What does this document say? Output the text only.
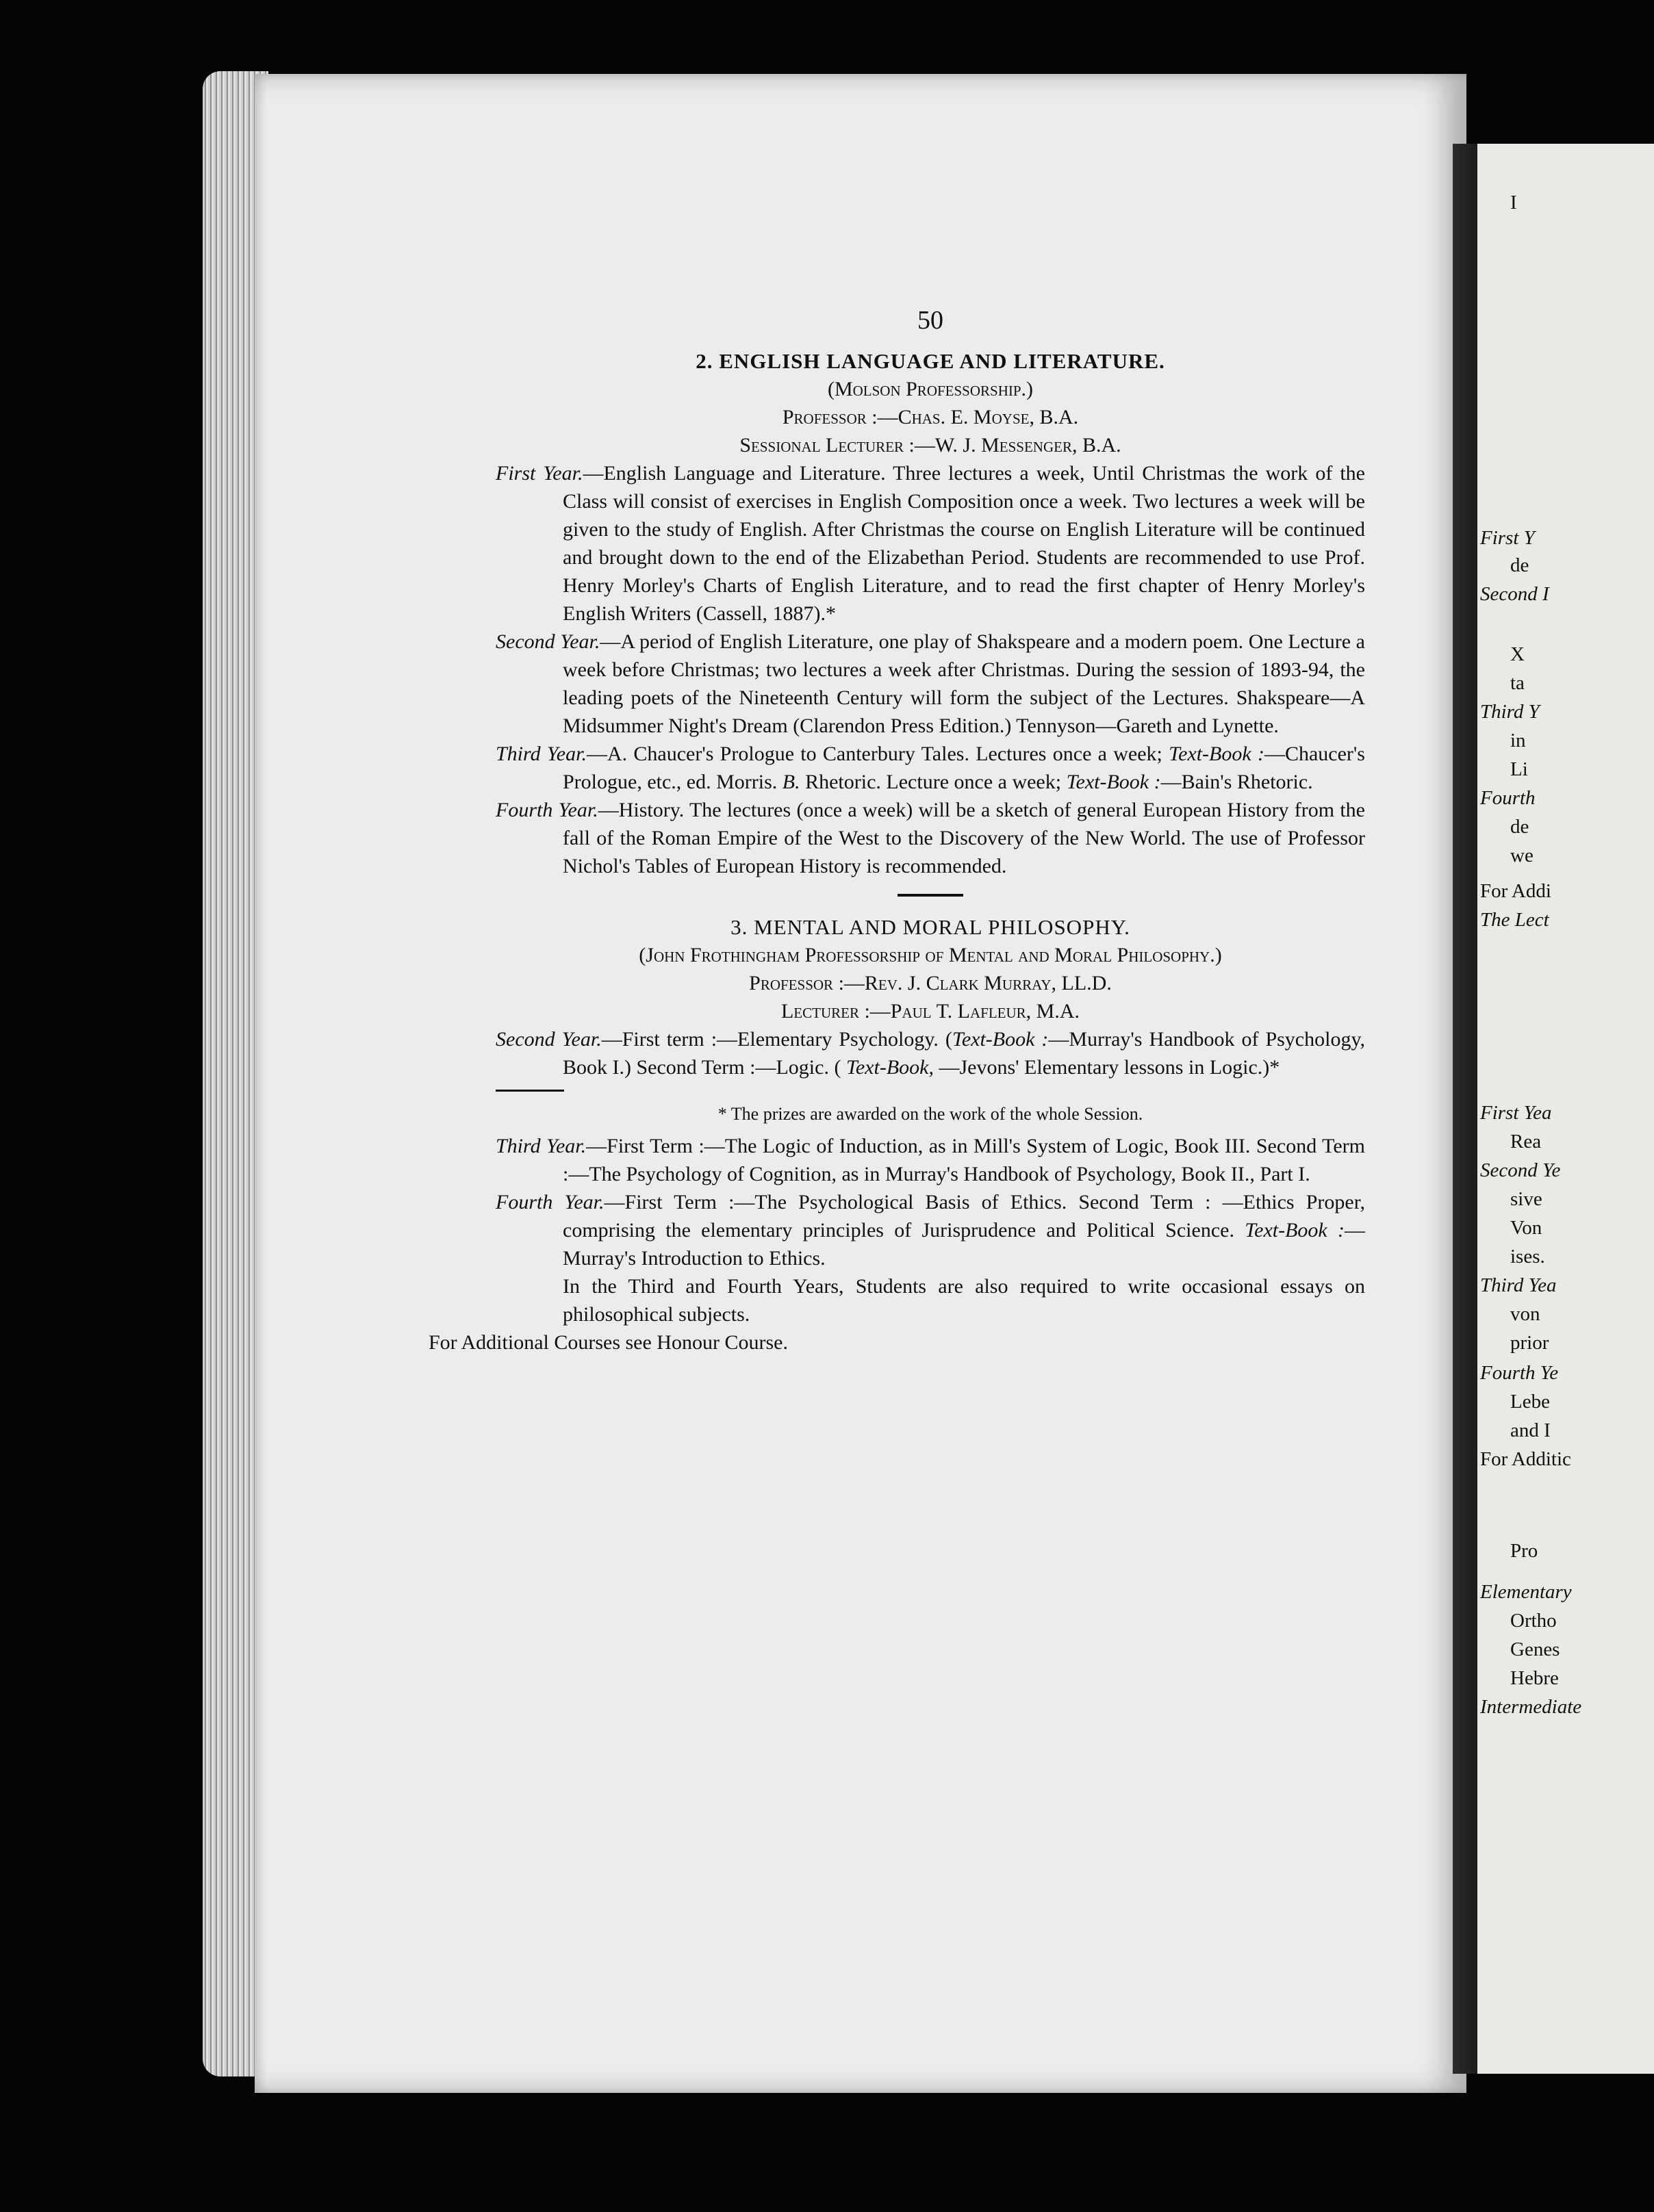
I
First Y
de
Second I
X
ta
Third Y
in
Li
Fourth
de
we
For Addi
The Lect
First Yea
Rea
Second Ye
sive
Von
ises.
Third Yea
von
prior
Fourth Ye
Lebe
and I
For Additic
Pro
Elementary
Ortho
Genes
Hebre
Intermediate
50
2. ENGLISH LANGUAGE AND LITERATURE.
(Molson Professorship.)
Professor :—Chas. E. Moyse, B.A.
Sessional Lecturer :—W. J. Messenger, B.A.
First Year.—English Language and Literature. Three lectures a week, Until Christmas the work of the Class will consist of exercises in English Composition once a week. Two lectures a week will be given to the study of English. After Christmas the course on English Literature will be continued and brought down to the end of the Elizabethan Period. Students are recommended to use Prof. Henry Morley's Charts of English Literature, and to read the first chapter of Henry Morley's English Writers (Cassell, 1887).*
Second Year.—A period of English Literature, one play of Shakspeare and a modern poem. One Lecture a week before Christmas; two lectures a week after Christmas. During the session of 1893-94, the leading poets of the Nineteenth Century will form the subject of the Lectures. Shakspeare—A Midsummer Night's Dream (Clarendon Press Edition.) Tennyson—Gareth and Lynette.
Third Year.—A. Chaucer's Prologue to Canterbury Tales. Lectures once a week; Text-Book :—Chaucer's Prologue, etc., ed. Morris. B. Rhetoric. Lecture once a week; Text-Book :—Bain's Rhetoric.
Fourth Year.—History. The lectures (once a week) will be a sketch of general European History from the fall of the Roman Empire of the West to the Discovery of the New World. The use of Professor Nichol's Tables of European History is recommended.
3. MENTAL AND MORAL PHILOSOPHY.
(John Frothingham Professorship of Mental and Moral Philosophy.)
Professor :—Rev. J. Clark Murray, LL.D.
Lecturer :—Paul T. Lafleur, M.A.
Second Year.—First term :—Elementary Psychology. (Text-Book :—Murray's Handbook of Psychology, Book I.) Second Term :—Logic. ( Text-Book, —Jevons' Elementary lessons in Logic.)*
* The prizes are awarded on the work of the whole Session.
Third Year.—First Term :—The Logic of Induction, as in Mill's System of Logic, Book III. Second Term :—The Psychology of Cognition, as in Murray's Handbook of Psychology, Book II., Part I.
Fourth Year.—First Term :—The Psychological Basis of Ethics. Second Term : —Ethics Proper, comprising the elementary principles of Jurisprudence and Political Science. Text-Book :—Murray's Introduction to Ethics.
In the Third and Fourth Years, Students are also required to write occasional essays on philosophical subjects.
For Additional Courses see Honour Course.
